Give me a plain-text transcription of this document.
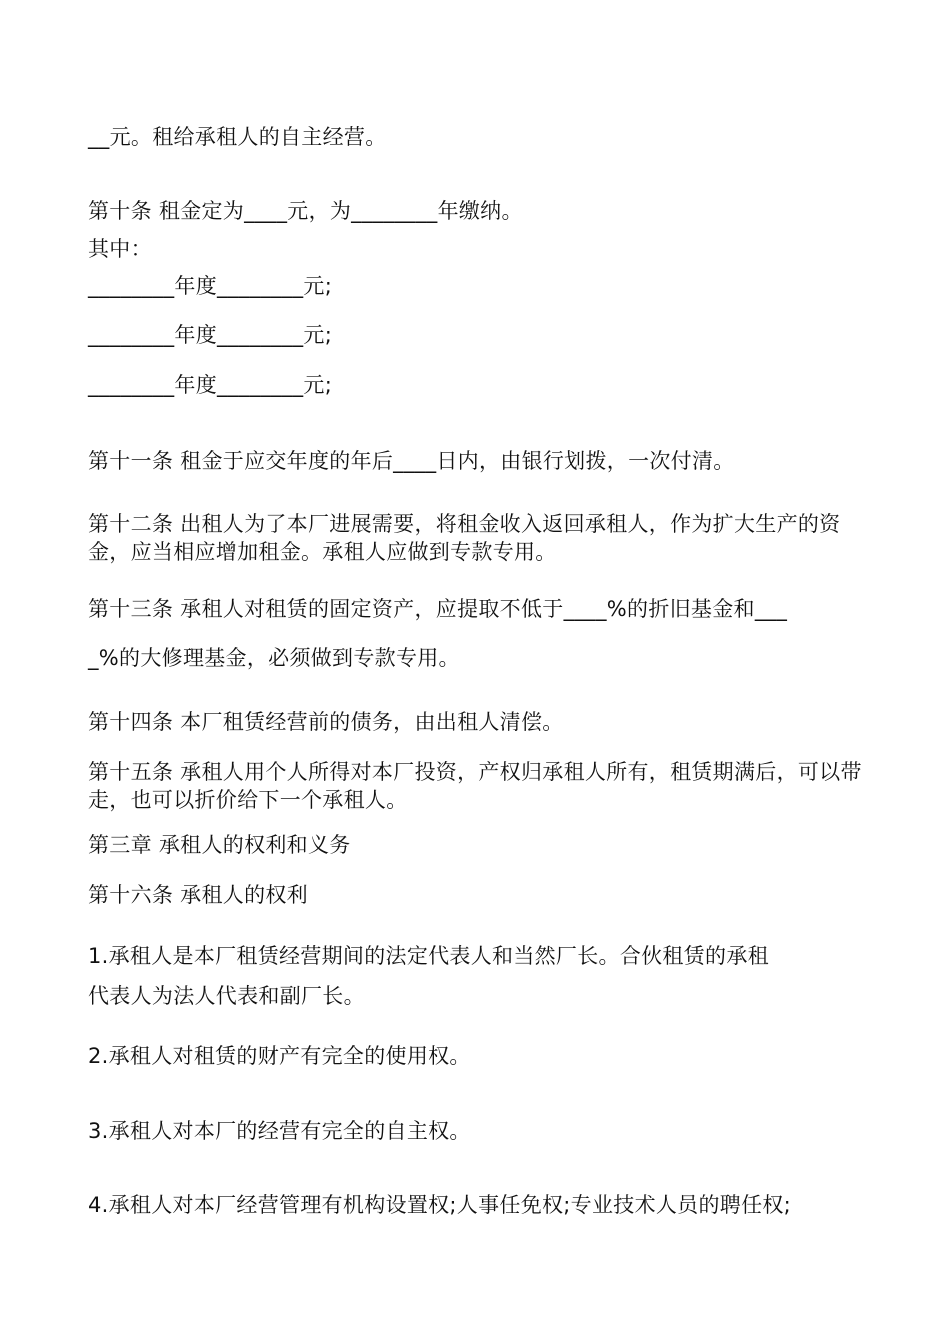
__元。租给承租人的自主经营。
第十条 租金定为____元，为________年缴纳。
其中：
________年度________元;
________年度________元;
________年度________元;
第十一条 租金于应交年度的年后____日内，由银行划拨，一次付清。
第十二条 出租人为了本厂进展需要，将租金收入返回承租人，作为扩大生产的资金，应当相应增加租金。承租人应做到专款专用。
第十三条 承租人对租赁的固定资产，应提取不低于____%的折旧基金和___
_%的大修理基金，必须做到专款专用。
第十四条 本厂租赁经营前的债务，由出租人清偿。
第十五条 承租人用个人所得对本厂投资，产权归承租人所有，租赁期满后，可以带走，也可以折价给下一个承租人。
第三章 承租人的权利和义务
第十六条 承租人的权利
1.承租人是本厂租赁经营期间的法定代表人和当然厂长。合伙租赁的承租
代表人为法人代表和副厂长。
2.承租人对租赁的财产有完全的使用权。
3.承租人对本厂的经营有完全的自主权。
4.承租人对本厂经营管理有机构设置权;人事任免权;专业技术人员的聘任权;
